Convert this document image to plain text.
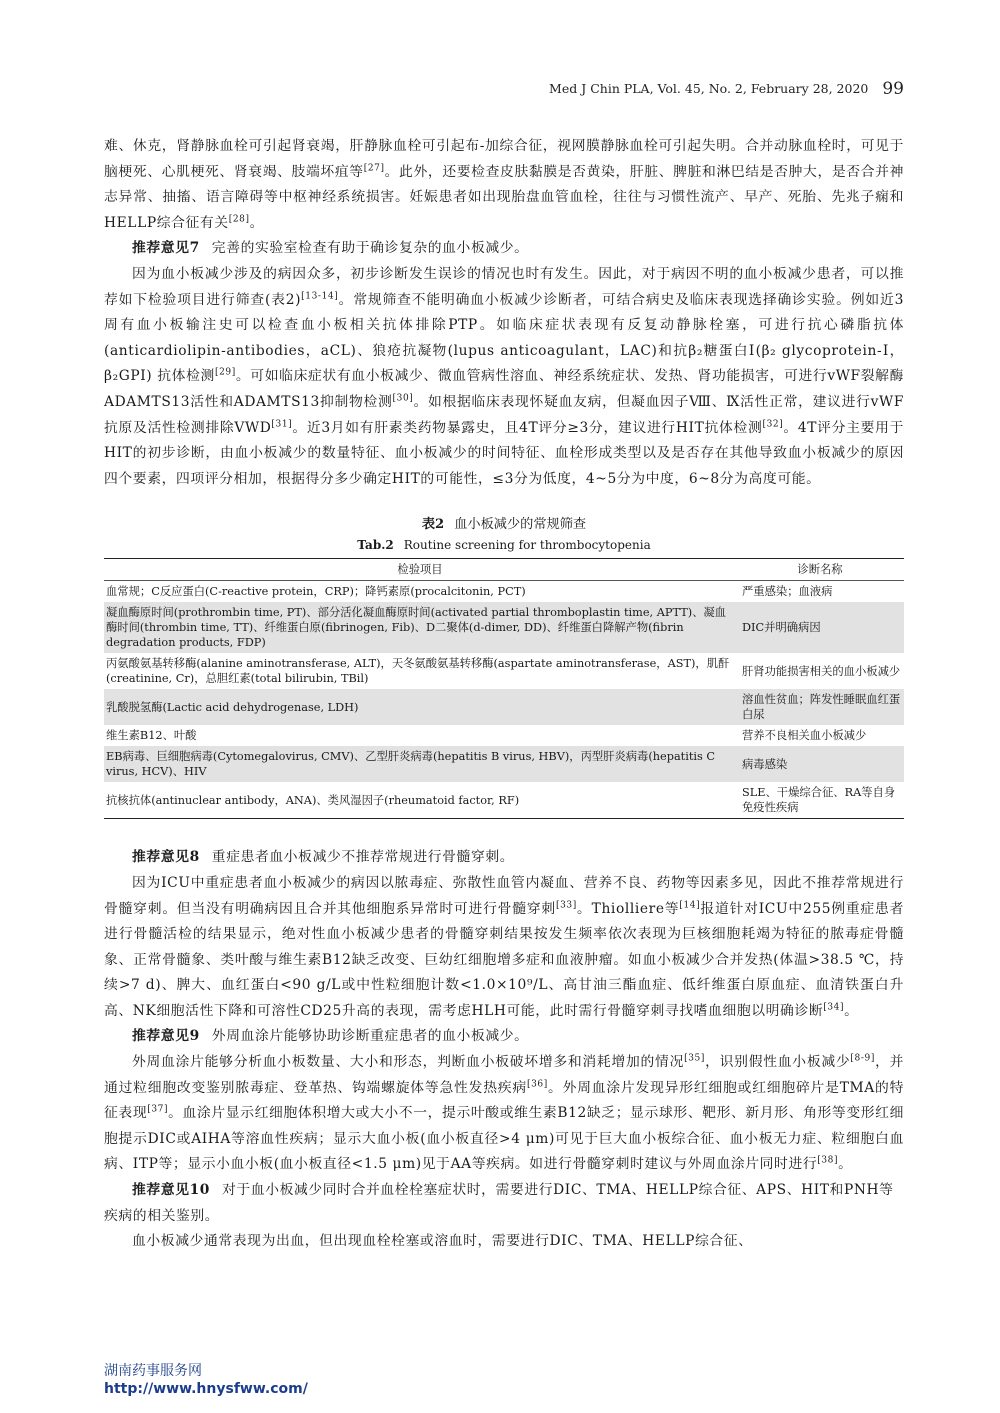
Med J Chin PLA, Vol. 45, No. 2, February 28, 2020 99

难、休克，肾静脉血栓可引起肾衰竭，肝静脉血栓可引起布-加综合征，视网膜静脉血栓可引起失明。合并动脉血栓时，可见于脑梗死、心肌梗死、肾衰竭、肢端坏疽等[27]。此外，还要检查皮肤黏膜是否黄染，肝脏、脾脏和淋巴结是否肿大，是否合并神志异常、抽搐、语言障碍等中枢神经系统损害。妊娠患者如出现胎盘血管血栓，往往与习惯性流产、早产、死胎、先兆子痫和HELLP综合征有关[28]。

推荐意见7 完善的实验室检查有助于确诊复杂的血小板减少。

因为血小板减少涉及的病因众多，初步诊断发生误诊的情况也时有发生。因此，对于病因不明的血小板减少患者，可以推荐如下检验项目进行筛查(表2)[13-14]。常规筛查不能明确血小板减少诊断者，可结合病史及临床表现选择确诊实验。例如近3周有血小板输注史可以检查血小板相关抗体排除PTP。如临床症状表现有反复动静脉栓塞，可进行抗心磷脂抗体(anticardiolipin-antibodies，aCL)、狼疮抗凝物(lupus anticoagulant，LAC)和抗β₂糖蛋白Ⅰ(β₂ glycoprotein-Ⅰ，β₂GPI) 抗体检测[29]。可如临床症状有血小板减少、微血管病性溶血、神经系统症状、发热、肾功能损害，可进行vWF裂解酶ADAMTS13活性和ADAMTS13抑制物检测[30]。如根据临床表现怀疑血友病，但凝血因子Ⅷ、Ⅸ活性正常，建议进行vWF抗原及活性检测排除VWD[31]。近3月如有肝素类药物暴露史，且4T评分≥3分，建议进行HIT抗体检测[32]。4T评分主要用于HIT的初步诊断，由血小板减少的数量特征、血小板减少的时间特征、血栓形成类型以及是否存在其他导致血小板减少的原因四个要素，四项评分相加，根据得分多少确定HIT的可能性，≤3分为低度，4~5分为中度，6~8分为高度可能。

表2 血小板减少的常规筛查
Tab.2 Routine screening for thrombocytopenia
检验项目	诊断名称
血常规；C反应蛋白(C-reactive protein，CRP)；降钙素原(procalcitonin, PCT)	严重感染；血液病
凝血酶原时间(prothrombin time, PT)、部分活化凝血酶原时间(activated partial thromboplastin time, APTT)、凝血酶时间(thrombin time, TT)、纤维蛋白原(fibrinogen, Fib)、D二聚体(d-dimer, DD)、纤维蛋白降解产物(fibrin degradation products, FDP)	DIC并明确病因
丙氨酸氨基转移酶(alanine aminotransferase, ALT)，天冬氨酸氨基转移酶(aspartate aminotransferase，AST)，肌酐(creatinine, Cr)，总胆红素(total bilirubin, TBil)	肝肾功能损害相关的血小板减少
乳酸脱氢酶(Lactic acid dehydrogenase, LDH)	溶血性贫血；阵发性睡眠血红蛋白尿
维生素B12、叶酸	营养不良相关血小板减少
EB病毒、巨细胞病毒(Cytomegalovirus, CMV)、乙型肝炎病毒(hepatitis B virus, HBV)，丙型肝炎病毒(hepatitis C virus, HCV)、HIV	病毒感染
抗核抗体(antinuclear antibody，ANA)、类风湿因子(rheumatoid factor, RF)	SLE、干燥综合征、RA等自身免疫性疾病

推荐意见8 重症患者血小板减少不推荐常规进行骨髓穿刺。

因为ICU中重症患者血小板减少的病因以脓毒症、弥散性血管内凝血、营养不良、药物等因素多见，因此不推荐常规进行骨髓穿刺。但当没有明确病因且合并其他细胞系异常时可进行骨髓穿刺[33]。Thiolliere等[14]报道针对ICU中255例重症患者进行骨髓活检的结果显示，绝对性血小板减少患者的骨髓穿刺结果按发生频率依次表现为巨核细胞耗竭为特征的脓毒症骨髓象、正常骨髓象、类叶酸与维生素B12缺乏改变、巨幼红细胞增多症和血液肿瘤。如血小板减少合并发热(体温>38.5 ℃，持续>7 d)、脾大、血红蛋白<90 g/L或中性粒细胞计数<1.0×10⁹/L、高甘油三酯血症、低纤维蛋白原血症、血清铁蛋白升高、NK细胞活性下降和可溶性CD25升高的表现，需考虑HLH可能，此时需行骨髓穿刺寻找嗜血细胞以明确诊断[34]。

推荐意见9 外周血涂片能够协助诊断重症患者的血小板减少。

外周血涂片能够分析血小板数量、大小和形态，判断血小板破坏增多和消耗增加的情况[35]，识别假性血小板减少[8-9]，并通过粒细胞改变鉴别脓毒症、登革热、钩端螺旋体等急性发热疾病[36]。外周血涂片发现异形红细胞或红细胞碎片是TMA的特征表现[37]。血涂片显示红细胞体积增大或大小不一，提示叶酸或维生素B12缺乏；显示球形、靶形、新月形、角形等变形红细胞提示DIC或AIHA等溶血性疾病；显示大血小板(血小板直径>4 μm)可见于巨大血小板综合征、血小板无力症、粒细胞白血病、ITP等；显示小血小板(血小板直径<1.5 μm)见于AA等疾病。如进行骨髓穿刺时建议与外周血涂片同时进行[38]。

推荐意见10 对于血小板减少同时合并血栓栓塞症状时，需要进行DIC、TMA、HELLP综合征、APS、HIT和PNH等疾病的相关鉴别。

血小板减少通常表现为出血，但出现血栓栓塞或溶血时，需要进行DIC、TMA、HELLP综合征、

湖南药事服务网
http://www.hnysfww.com/
